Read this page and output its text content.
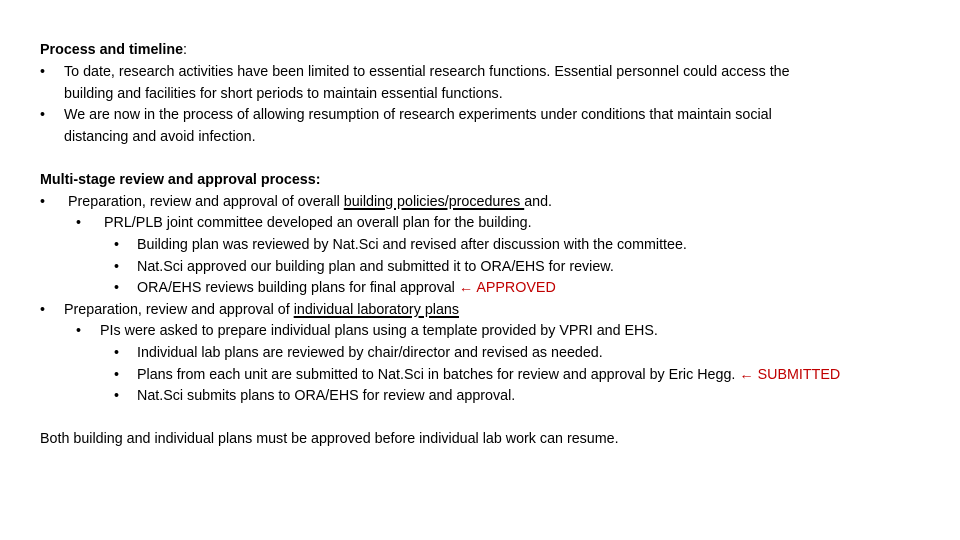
Process and timeline:
• To date, research activities have been limited to essential research functions. Essential personnel could access the
building and facilities for short periods to maintain essential functions.
• We are now in the process of allowing resumption of research experiments under conditions that maintain social
distancing and avoid infection.
Multi-stage review and approval process:
• Preparation, review and approval of overall building policies/procedures and.
• PRL/PLB joint committee developed an overall plan for the building.
• Building plan was reviewed by Nat.Sci and revised after discussion with the committee.
• Nat.Sci approved our building plan and submitted it to ORA/EHS for review.
• ORA/EHS reviews building plans for final approval ← APPROVED
• Preparation, review and approval of individual laboratory plans
• PIs were asked to prepare individual plans using a template provided by VPRI and EHS.
• Individual lab plans are reviewed by chair/director and revised as needed.
• Plans from each unit are submitted to Nat.Sci in batches for review and approval by Eric Hegg. ← SUBMITTED
• Nat.Sci submits plans to ORA/EHS for review and approval.
Both building and individual plans must be approved before individual lab work can resume.
